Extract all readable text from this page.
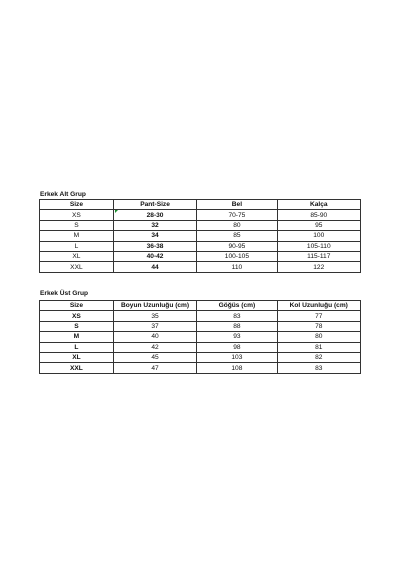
Erkek Alt Grup
Size	Pant-Size	Bel	Kalça
XS	28-30	70-75	85-90
S	32	80	95
M	34	85	100
L	36-38	90-95	105-110
XL	40-42	100-105	115-117
XXL	44	110	122
Erkek Üst Grup
Size	Boyun Uzunluğu (cm)	Göğüs (cm)	Kol Uzunluğu (cm)
XS	35	83	77
S	37	88	78
M	40	93	80
L	42	98	81
XL	45	103	82
XXL	47	108	83
